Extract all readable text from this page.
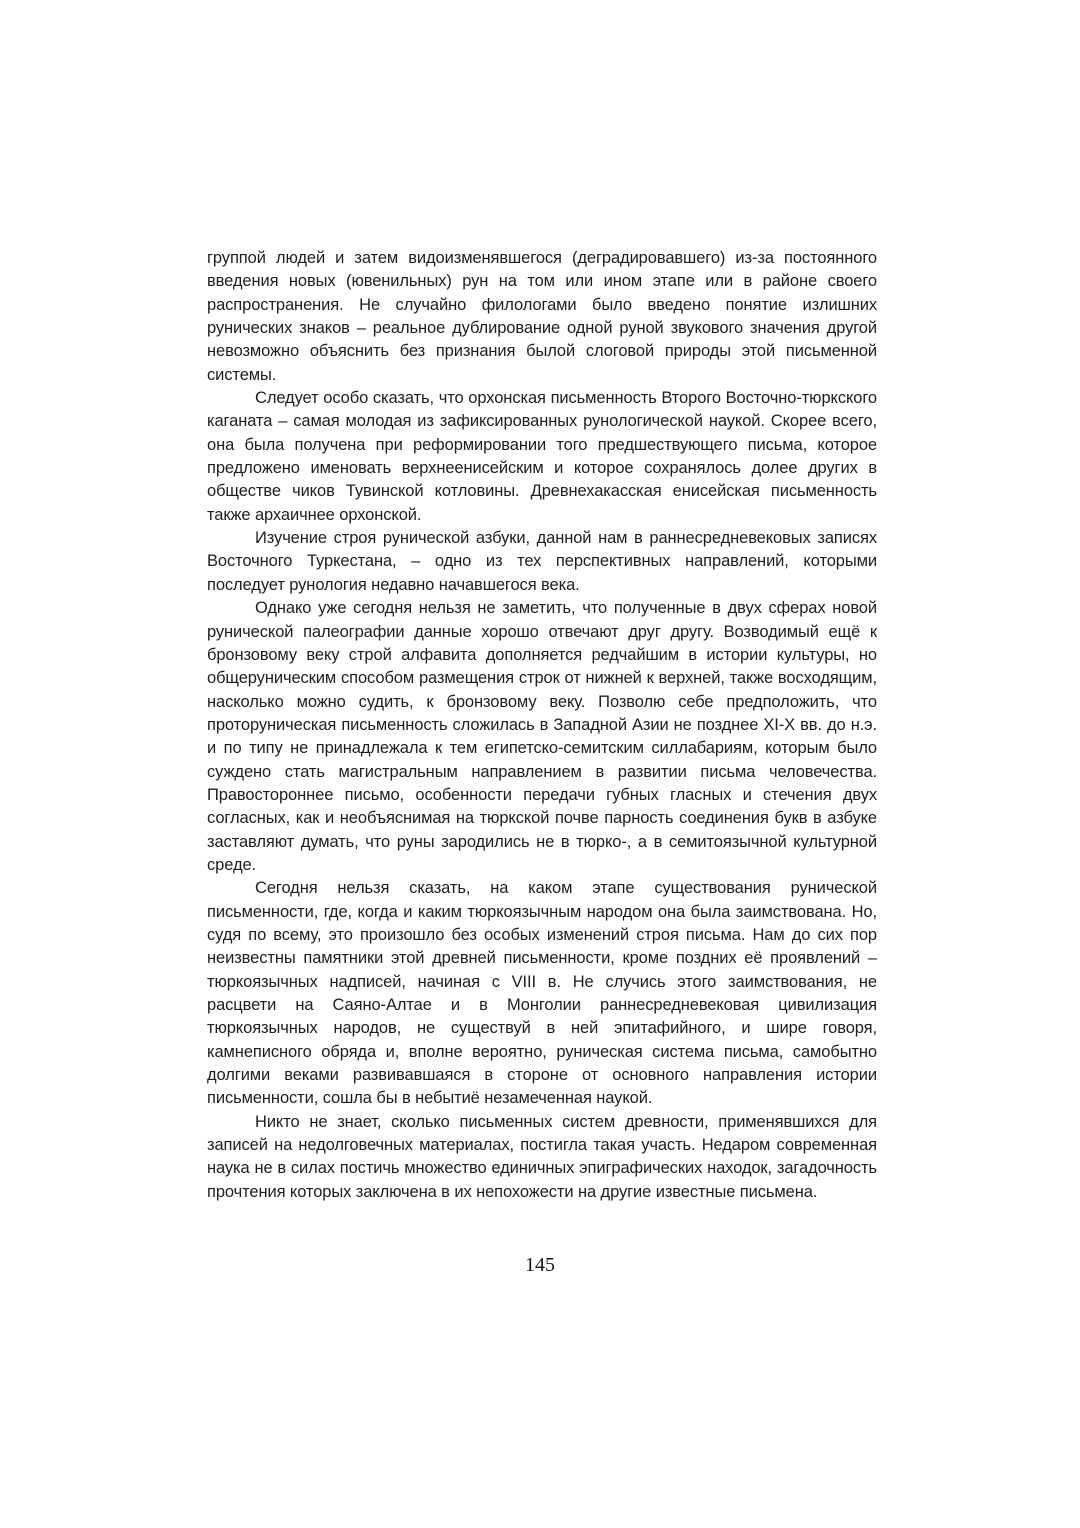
группой людей и затем видоизменявшегося (деградировавшего) из-за постоянного введения новых (ювенильных) рун на том или ином этапе или в районе своего распространения. Не случайно филологами было введено понятие излишних рунических знаков – реальное дублирование одной руной звукового значения другой невозможно объяснить без признания былой слоговой природы этой письменной системы.

Следует особо сказать, что орхонская письменность Второго Восточно-тюркского каганата – самая молодая из зафиксированных рунологической наукой. Скорее всего, она была получена при реформировании того предшествующего письма, которое предложено именовать верхнеенисейским и которое сохранялось долее других в обществе чиков Тувинской котловины. Древнехакасская енисейская письменность также архаичнее орхонской.

Изучение строя рунической азбуки, данной нам в раннесредневековых записях Восточного Туркестана, – одно из тех перспективных направлений, которыми последует рунология недавно начавшегося века.

Однако уже сегодня нельзя не заметить, что полученные в двух сферах новой рунической палеографии данные хорошо отвечают друг другу. Возводимый ещё к бронзовому веку строй алфавита дополняется редчайшим в истории культуры, но общеруническим способом размещения строк от нижней к верхней, также восходящим, насколько можно судить, к бронзовому веку. Позволю себе предположить, что проторуническая письменность сложилась в Западной Азии не позднее XI-X вв. до н.э. и по типу не принадлежала к тем египетско-семитским силлабариям, которым было суждено стать магистральным направлением в развитии письма человечества. Правостороннее письмо, особенности передачи губных гласных и стечения двух согласных, как и необъяснимая на тюркской почве парность соединения букв в азбуке заставляют думать, что руны зародились не в тюрко-, а в семитоязычной культурной среде.

Сегодня нельзя сказать, на каком этапе существования рунической письменности, где, когда и каким тюркоязычным народом она была заимствована. Но, судя по всему, это произошло без особых изменений строя письма. Нам до сих пор неизвестны памятники этой древней письменности, кроме поздних её проявлений – тюркоязычных надписей, начиная с VIII в. Не случись этого заимствования, не расцвети на Саяно-Алтае и в Монголии раннесредневековая цивилизация тюркоязычных народов, не существуй в ней эпитафийного, и шире говоря, камнеписного обряда и, вполне вероятно, руническая система письма, самобытно долгими веками развивавшаяся в стороне от основного направления истории письменности, сошла бы в небытиё незамеченная наукой.

Никто не знает, сколько письменных систем древности, применявшихся для записей на недолговечных материалах, постигла такая участь. Недаром современная наука не в силах постичь множество единичных эпиграфических находок, загадочность прочтения которых заключена в их непохожести на другие известные письмена.

145
